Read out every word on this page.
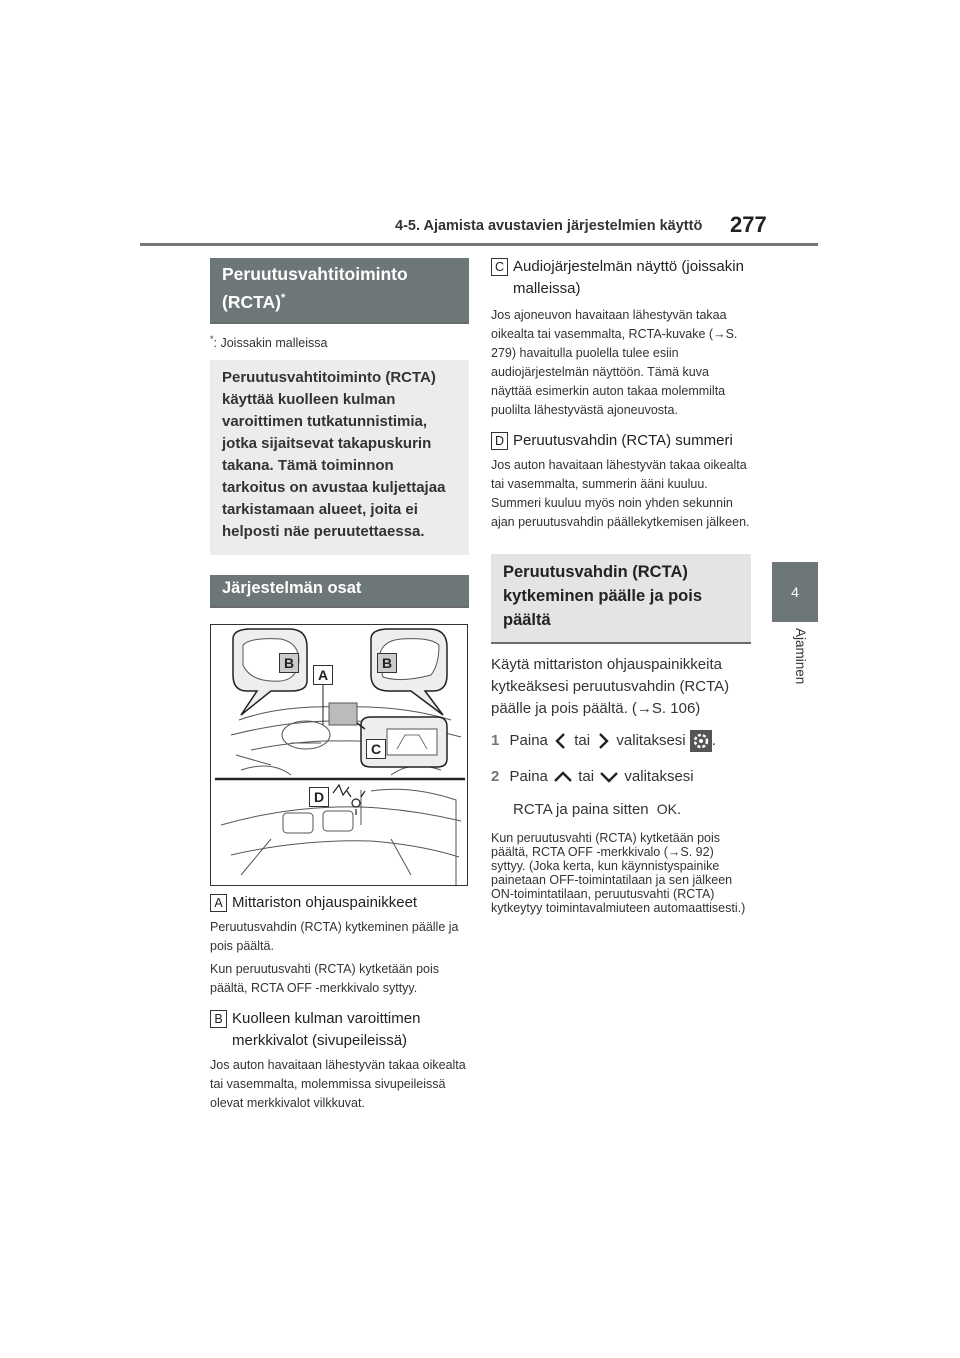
4-5. Ajamista avustavien järjestelmien käyttö 277
4
Ajaminen
Peruutusvahtitoiminto (RCTA)*
*: Joissakin malleissa
Peruutusvahtitoiminto (RCTA) käyttää kuolleen kulman varoittimen tutkatunnistimia, jotka sijaitsevat takapuskurin takana. Tämä toiminnon tarkoitus on avustaa kuljettajaa tarkistamaan alueet, joita ei helposti näe peruutettaessa.
Järjestelmän osat
B
A
B
C
D
A Mittariston ohjauspainikkeet

Peruutusvahdin (RCTA) kytkeminen päälle ja pois päältä.

Kun peruutusvahti (RCTA) kytketään pois päältä, RCTA OFF -merkkivalo syttyy.

B Kuolleen kulman varoittimen merkkivalot (sivupeileissä)

Jos auton havaitaan lähestyvän takaa oikealta tai vasemmalta, molemmissa sivupeileissä olevat merkkivalot vilkkuvat.

C Audiojärjestelmän näyttö (joissakin malleissa)

Jos ajoneuvon havaitaan lähestyvän takaa oikealta tai vasemmalta, RCTA-kuvake (→S. 279) havaitulla puolella tulee esiin audiojärjestelmän näyttöön. Tämä kuva näyttää esimerkin auton takaa molemmilta puolilta lähestyvästä ajoneuvosta.

D Peruutusvahdin (RCTA) summeri

Jos auton havaitaan lähestyvän takaa oikealta tai vasemmalta, summerin ääni kuuluu. Summeri kuuluu myös noin yhden sekunnin ajan peruutusvahdin päällekytkemisen jälkeen.

Peruutusvahdin (RCTA) kytkeminen päälle ja pois päältä

Käytä mittariston ohjauspainikkeita kytkeäksesi peruutusvahdin (RCTA) päälle ja pois päältä. (→S. 106)

1 Paina tai valitaksesi .
2 Paina tai valitaksesi
RCTA ja paina sitten OK.

Kun peruutusvahti (RCTA) kytketään pois päältä, RCTA OFF -merkkivalo (→S. 92) syttyy. (Joka kerta, kun käynnistyspainike painetaan OFF-toimintatilaan ja sen jälkeen ON-toimintatilaan, peruutusvahti (RCTA) kytkeytyy toimintavalmiuteen automaattisesti.)
